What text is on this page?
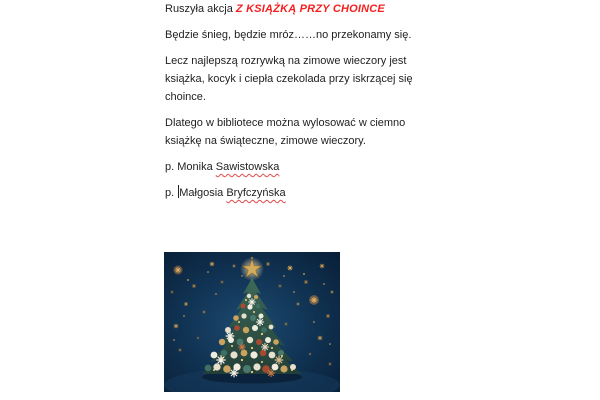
Ruszyła akcja Z KSIĄŻKĄ PRZY CHOINCE

Będzie śnieg, będzie mróz……no przekonamy się.

Lecz najlepszą rozrywką na zimowe wieczory jest
książka, kocyk i ciepła czekolada przy iskrzącej się
choince.

Dlatego w bibliotece można wylosować w ciemno
książkę na świąteczne, zimowe wieczory.

p. Monika Sawistowska

p. Małgosia Bryfczyńska
